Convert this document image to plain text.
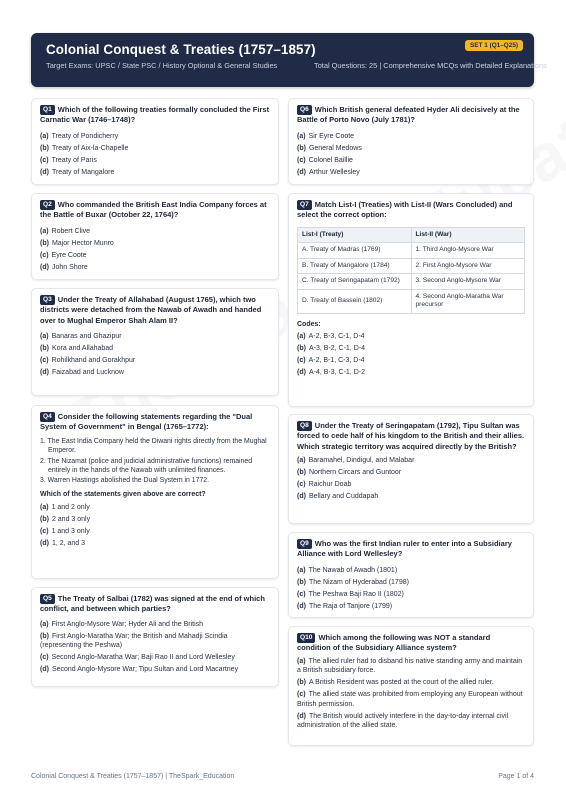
Colonial Conquest & Treaties (1757–1857)	SET 1 (Q1–Q25)
Target Exams: UPSC / State PSC / History Optional & General Studies	Total Questions: 25 | Comprehensive MCQs with Detailed Explanations
Q1 Which of the following treaties formally concluded the First Carnatic War (1746–1748)?
(a) Treaty of Pondicherry
(b) Treaty of Aix-la-Chapelle
(c) Treaty of Paris
(d) Treaty of Mangalore
Q2 Who commanded the British East India Company forces at the Battle of Buxar (October 22, 1764)?
(a) Robert Clive
(b) Major Hector Munro
(c) Eyre Coote
(d) John Shore
Q3 Under the Treaty of Allahabad (August 1765), which two districts were detached from the Nawab of Awadh and handed over to Mughal Emperor Shah Alam II?
(a) Banaras and Ghazipur
(b) Kora and Allahabad
(c) Rohilkhand and Gorakhpur
(d) Faizabad and Lucknow
Q4 Consider the following statements regarding the "Dual System of Government" in Bengal (1765–1772):
1. The East India Company held the Diwani rights directly from the Mughal Emperor.
2. The Nizamat (police and judicial administrative functions) remained entirely in the hands of the Nawab with unlimited finances.
3. Warren Hastings abolished the Dual System in 1772.
Which of the statements given above are correct?
(a) 1 and 2 only
(b) 2 and 3 only
(c) 1 and 3 only
(d) 1, 2, and 3
Q5 The Treaty of Salbai (1782) was signed at the end of which conflict, and between which parties?
(a) First Anglo-Mysore War; Hyder Ali and the British
(b) First Anglo-Maratha War; the British and Mahadji Scindia (representing the Peshwa)
(c) Second Anglo-Maratha War; Baji Rao II and Lord Wellesley
(d) Second Anglo-Mysore War; Tipu Sultan and Lord Macartney
Q6 Which British general defeated Hyder Ali decisively at the Battle of Porto Novo (July 1781)?
(a) Sir Eyre Coote
(b) General Medows
(c) Colonel Baillie
(d) Arthur Wellesley
Q7 Match List-I (Treaties) with List-II (Wars Concluded) and select the correct option:
List-I (Treaty)	List-II (War)
A. Treaty of Madras (1769)	1. Third Anglo-Mysore War
B. Treaty of Mangalore (1784)	2. First Anglo-Mysore War
C. Treaty of Seringapatam (1792)	3. Second Anglo-Mysore War
D. Treaty of Bassein (1802)	4. Second Anglo-Maratha War precursor
Codes:
(a) A-2, B-3, C-1, D-4
(b) A-3, B-2, C-1, D-4
(c) A-2, B-1, C-3, D-4
(d) A-4, B-3, C-1, D-2
Q8 Under the Treaty of Seringapatam (1792), Tipu Sultan was forced to cede half of his kingdom to the British and their allies. Which strategic territory was acquired directly by the British?
(a) Baramahel, Dindigul, and Malabar
(b) Northern Circars and Guntoor
(c) Raichur Doab
(d) Bellary and Cuddapah
Q9 Who was the first Indian ruler to enter into a Subsidiary Alliance with Lord Wellesley?
(a) The Nawab of Awadh (1801)
(b) The Nizam of Hyderabad (1798)
(c) The Peshwa Baji Rao II (1802)
(d) The Raja of Tanjore (1799)
Q10 Which among the following was NOT a standard condition of the Subsidiary Alliance system?
(a) The allied ruler had to disband his native standing army and maintain a British subsidiary force.
(b) A British Resident was posted at the court of the allied ruler.
(c) The allied state was prohibited from employing any European without British permission.
(d) The British would actively interfere in the day-to-day internal civil administration of the allied state.
Colonial Conquest & Treaties (1757–1857) | TheSpark_Education	Page 1 of 4
